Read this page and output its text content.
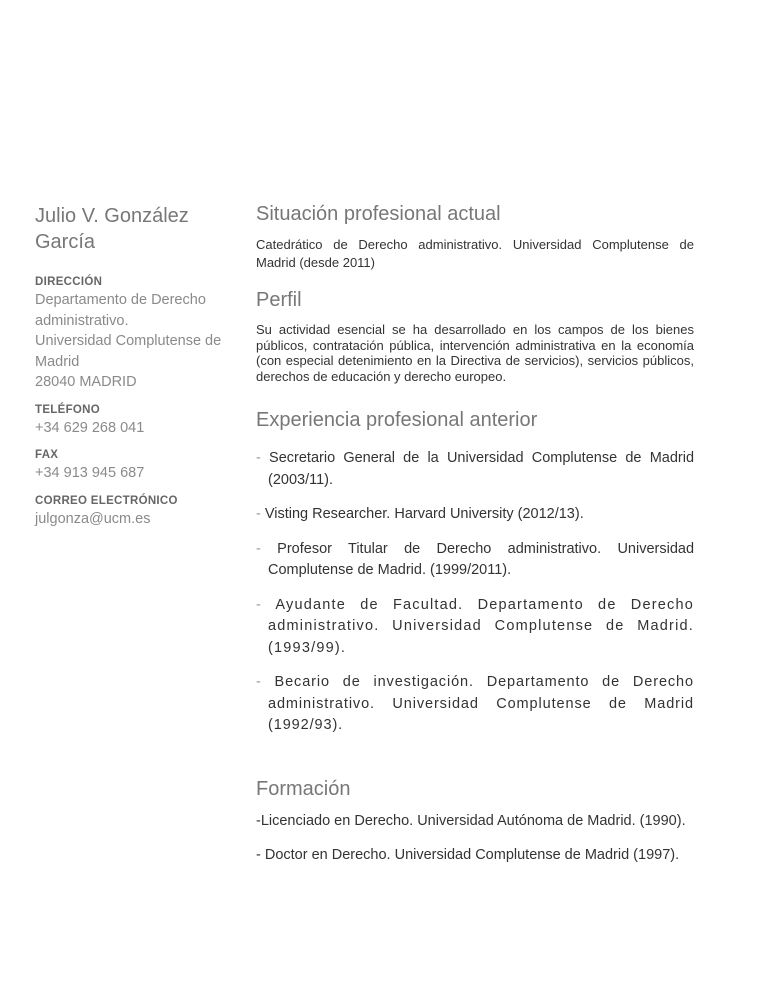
Julio V. González García

DIRECCIÓN

Departamento de Derecho administrativo.
Universidad Complutense de Madrid
28040 MADRID

TELÉFONO

+34 629 268 041

FAX

+34 913 945 687

CORREO ELECTRÓNICO

julgonza@ucm.es

Situación profesional actual

Catedrático de Derecho administrativo. Universidad Complutense de Madrid (desde 2011)

Perfil

Su actividad esencial se ha desarrollado en los campos de los bienes públicos, contratación pública, intervención administrativa en la economía (con especial detenimiento en la Directiva de servicios), servicios públicos, derechos de educación y derecho europeo.

Experiencia profesional anterior
- Secretario General de la Universidad Complutense de Madrid (2003/11).
- Visting Researcher. Harvard University (2012/13).
- Profesor Titular de Derecho administrativo. Universidad Complutense de Madrid. (1999/2011).
- Ayudante de Facultad. Departamento de Derecho administrativo. Universidad Complutense de Madrid. (1993/99).
- Becario de investigación. Departamento de Derecho administrativo. Universidad Complutense de Madrid (1992/93).
Formación

-Licenciado en Derecho. Universidad Autónoma de Madrid. (1990).

- Doctor en Derecho. Universidad Complutense de Madrid (1997).
